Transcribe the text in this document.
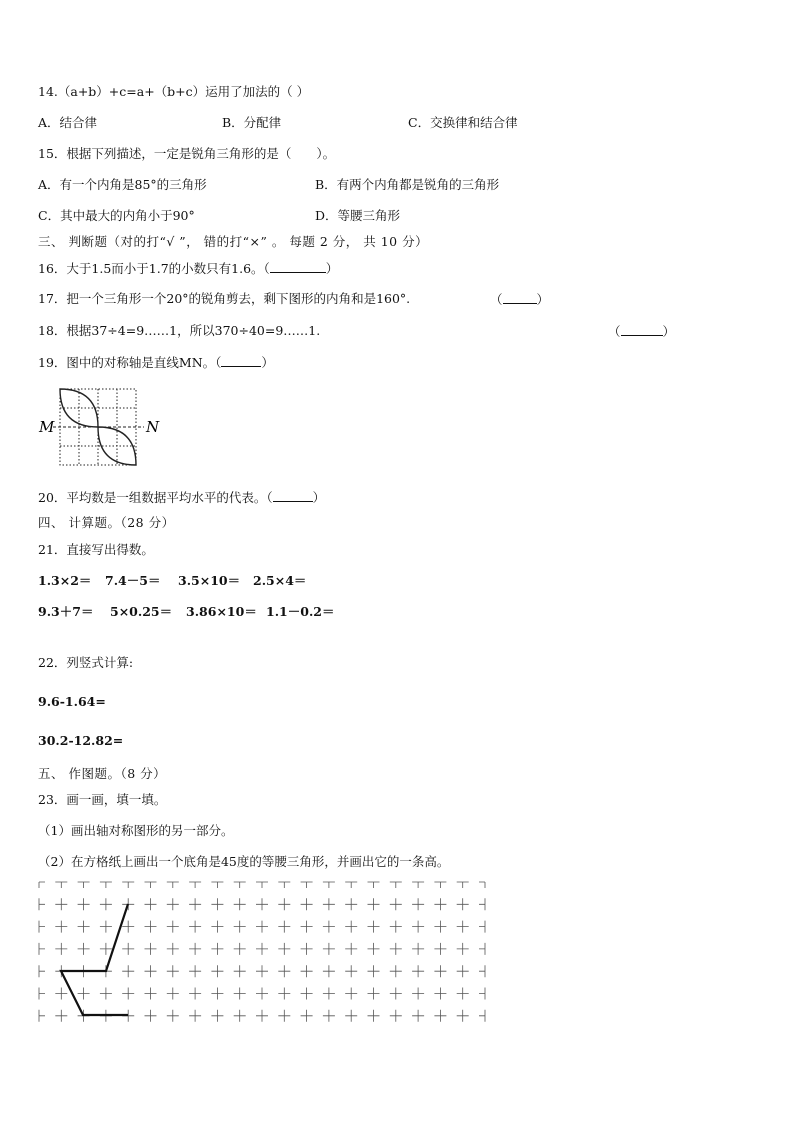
14.（a+b）+c=a+（b+c）运用了加法的（ ）
A．结合律	B．分配律	C．交换律和结合律
15．根据下列描述，一定是锐角三角形的是（　　）。
A．有一个内角是85°的三角形	B．有两个内角都是锐角的三角形
C．其中最大的内角小于90°	D．等腰三角形
三、 判断题（对的打“√ ”， 错的打“×” 。 每题 2 分， 共 10 分）
16．大于1.5而小于1.7的小数只有1.6。（	）
17．把一个三角形一个20°的锐角剪去，剩下图形的内角和是160°.	（	）
18．根据37÷4=9……1，所以370÷40=9……1.	（	）
19．图中的对称轴是直线MN。（	）
M	N
20．平均数是一组数据平均水平的代表。（	）
四、 计算题。（28 分）
21．直接写出得数。
1.3×2＝ 7.4－5＝ 3.5×10＝ 2.5×4＝
9.3＋7＝ 5×0.25＝ 3.86×10＝ 1.1－0.2＝
22．列竖式计算:
9.6-1.64=
30.2-12.82=
五、 作图题。（8 分）
23．画一画，填一填。
（1）画出轴对称图形的另一部分。
（2）在方格纸上画出一个底角是45度的等腰三角形，并画出它的一条高。
